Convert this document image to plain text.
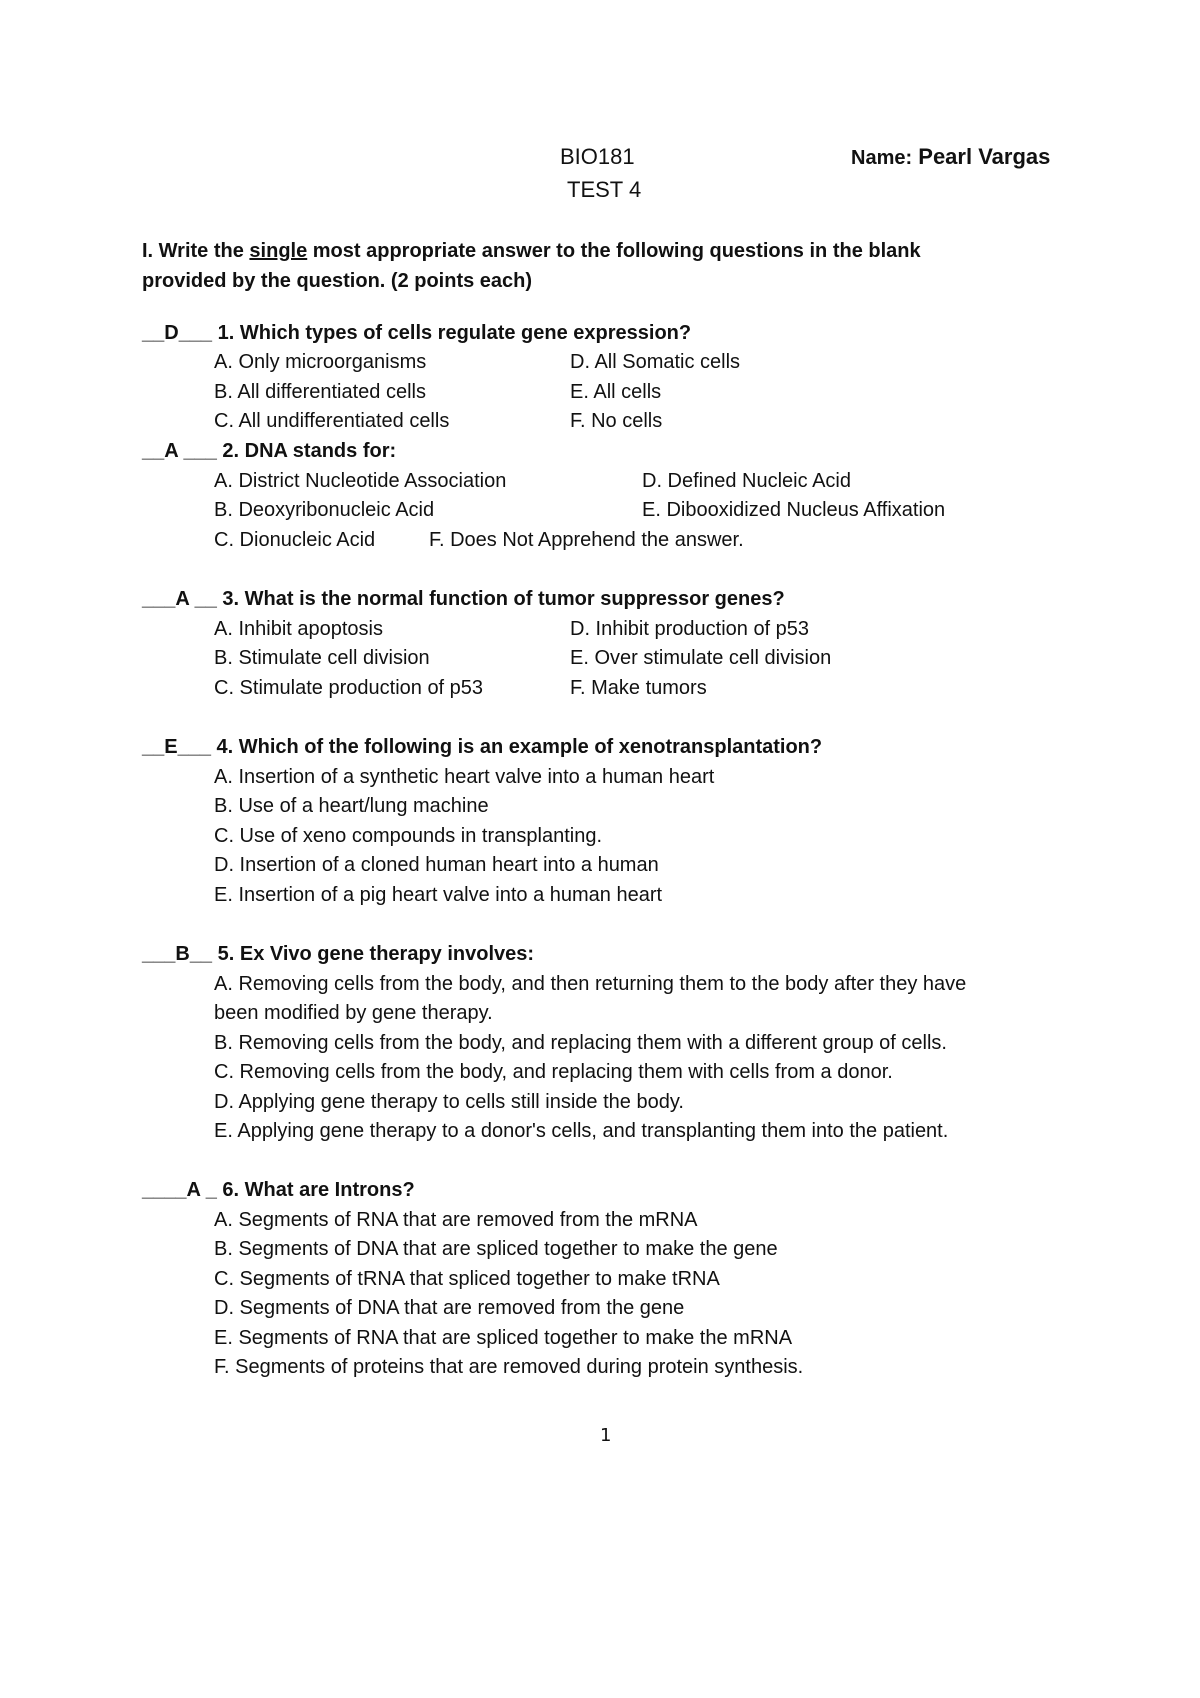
BIO181	Name: Pearl Vargas
TEST 4
I. Write the single most appropriate answer to the following questions in the blank
provided by the question. (2 points each)
__D___ 1. Which types of cells regulate gene expression?
A. Only microorganisms	D. All Somatic cells
B. All differentiated cells	E. All cells
C. All undifferentiated cells	F. No cells
__A ___ 2. DNA stands for:
A. District Nucleotide Association	D. Defined Nucleic Acid
B. Deoxyribonucleic Acid	E. Dibooxidized Nucleus Affixation
C. Dionucleic Acid	F. Does Not Apprehend the answer.
___A __ 3. What is the normal function of tumor suppressor genes?
A. Inhibit apoptosis	D. Inhibit production of p53
B. Stimulate cell division	E. Over stimulate cell division
C. Stimulate production of p53	F. Make tumors
__E___ 4. Which of the following is an example of xenotransplantation?
A. Insertion of a synthetic heart valve into a human heart
B. Use of a heart/lung machine
C. Use of xeno compounds in transplanting.
D. Insertion of a cloned human heart into a human
E. Insertion of a pig heart valve into a human heart
___B__ 5. Ex Vivo gene therapy involves:
A. Removing cells from the body, and then returning them to the body after they have
been modified by gene therapy.
B. Removing cells from the body, and replacing them with a different group of cells.
C. Removing cells from the body, and replacing them with cells from a donor.
D. Applying gene therapy to cells still inside the body.
E. Applying gene therapy to a donor's cells, and transplanting them into the patient.
____A _ 6. What are Introns?
A. Segments of RNA that are removed from the mRNA
B. Segments of DNA that are spliced together to make the gene
C. Segments of tRNA that spliced together to make tRNA
D. Segments of DNA that are removed from the gene
E. Segments of RNA that are spliced together to make the mRNA
F. Segments of proteins that are removed during protein synthesis.
1
